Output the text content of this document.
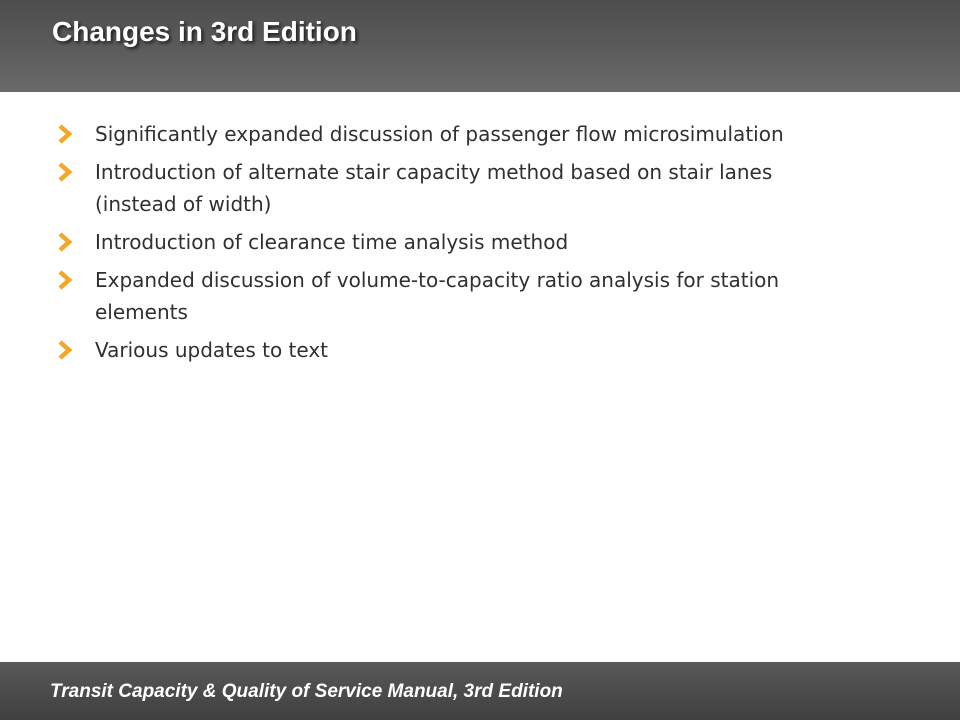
Changes in 3rd Edition
Significantly expanded discussion of passenger flow microsimulation
Introduction of alternate stair capacity method based on stair lanes (instead of width)
Introduction of clearance time analysis method
Expanded discussion of volume-to-capacity ratio analysis for station elements
Various updates to text
Transit Capacity & Quality of Service Manual, 3rd Edition
